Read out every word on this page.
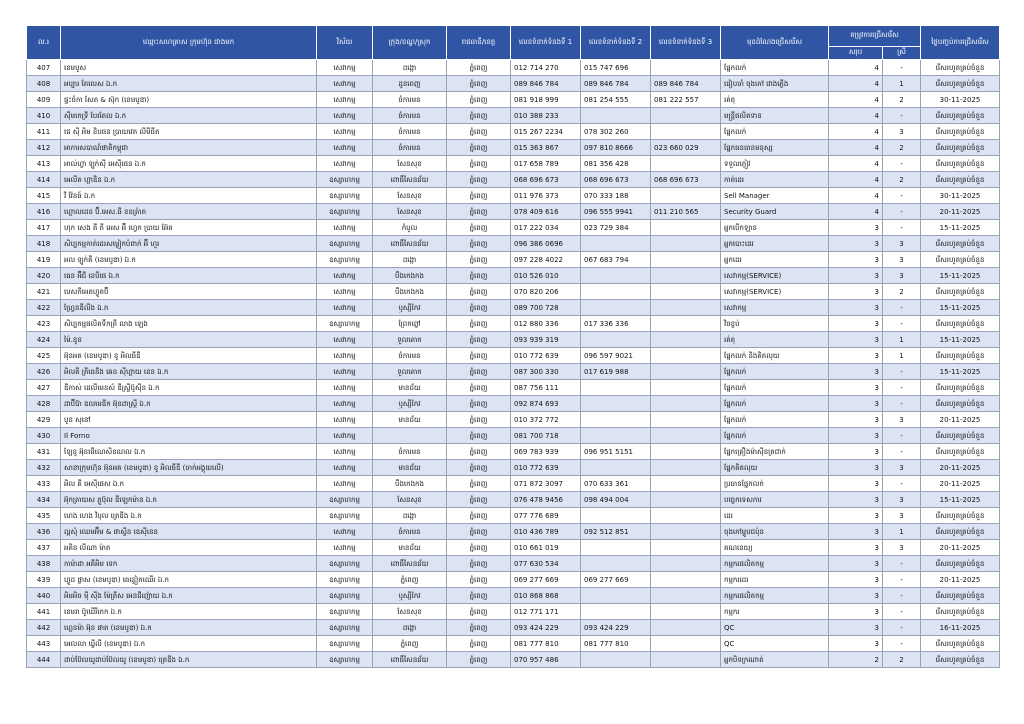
ល.រ	ឈ្មោះសហគ្រាស ក្រុមហ៊ុន ជាងមក	វិស័យ	ក្រុង/ខណ្ឌ/ស្រុក	រាជធានី/ខេត្ត	លេខទំនាក់ទំនងទី 1	លេខទំនាក់ទំនងទី 2	លេខទំនាក់ទំនងទី 3	មុខដំណែងជ្រើសរើស	តម្រូវការជ្រើសរើស		ថ្ងៃបញ្ចប់ការជ្រើសរើស
									សរុប	ស្រី	
407	ខេមបូស	សេវាកម្ម	ដង្កោ	ភ្នំពេញ	012 714 270	015 747 696		ផ្នែកលក់	4	-	រើសរហូតគ្រប់ចំនួន
408	អប្បារ តែលេស ឯ.ក	សេវាកម្ម	ដូនពេញ	ភ្នំពេញ	089 846 784	089 846 784	089 846 784	ជៀបចាំ ចុងភៅ ជាងភ្លើង	4	1	រើសរហូតគ្រប់ចំនួន
409	ផ្ទះចំកា សែត & ស៊ុក (ខេមបូឌា)	សេវាកម្ម	ចំការមន	ភ្នំពេញ	081 918 999	081 254 555	081 222 557	រត់តុ	4	2	30-11-2025
410	ស៊ីមកេទ្រី បែរតែល ឯ.ក	សេវាកម្ម	ចំការមន	ភ្នំពេញ	010 388 233			មន្ត្រីផលិតទាន	4	-	រើសរហូតគ្រប់ចំនួន
411	ជេ ស៊ី អិម ខិបផន ប្រាយវេត លីមីធីត	សេវាកម្ម	ចំការមន	ភ្នំពេញ	015 267 2234	078 302 260		ផ្នែកលក់	4	3	រើសរហូតគ្រប់ចំនួន
412	អាការសបាណ៍ផាតិកម្ពុជា	សេវាកម្ម	ចំការមន	ភ្នំពេញ	015 363 867	097 810 8666	023 660 029	ផ្នែកធនធានមនុស្ស	4	2	រើសរហូតគ្រប់ចំនួន
413	អាល់ហ្វា ឡូក់ស៊ី អេស៊ីផេន ឯ.ក	សេវាកម្ម	សែនសុខ	ភ្នំពេញ	017 658 789	081 356 428		ទទួលភ្ញៀវ	4	-	រើសរហូតគ្រប់ចំនួន
414	អេលីត ហ្គាឌិន ឯ.ក	ឧស្សាហកម្ម	ពោធិ៍សែនជ័យ	ភ្នំពេញ	068 696 673	068 696 673	068 696 673	កាត់ដេរ	4	2	រើសរហូតគ្រប់ចំនួន
415	វី វ៉ែនធ៍ ឯ.ក	ឧស្សាហកម្ម	សែនសុខ	ភ្នំពេញ	011 976 373	070 333 188		Sell Manager	4	-	30-11-2025
416	ហ្គោលដេន ប៊ី.អេស.ធី ខនត្រ៉ាត	ឧស្សាហកម្ម	សែនសុខ	ភ្នំពេញ	078 409 616	096 555 9941	011 210 565	Security Guard	4	-	20-11-2025
417	ហុក សេង គី ភី អេស អ៊ី ហ្វេក ប្រាយ អ៊ែត	សេវាកម្ម	កំបូល	ភ្នំពេញ	017 222 034	023 729 384		អ្នកបើកឡាន	3	-	15-11-2025
418	សិប្បកម្មកាត់ដេរសម្លៀកបំពាក់ អ៊ី ហួរ	ឧស្សាហកម្ម	ពោធិ៍សែនជ័យ	ភ្នំពេញ	096 386 0696			អ្នកបោះដេរ	3	3	រើសរហូតគ្រប់ចំនួន
419	អល ឡូក់គី (ខេមបូឌា) ឯ.ក	ឧស្សាហកម្ម	ដង្កោ	ភ្នំពេញ	097 228 4022	067 683 794		អ្នកដេរ	3	3	រើសរហូតគ្រប់ចំនួន
420	ធេន អ៊ីជី ខេបីផេ ឯ.ក	សេវាកម្ម	បឹងកេងកង	ភ្នំពេញ	010 526 010			សេវាកម្ម(SERVICE)	3	3	15-11-2025
421	បេសកីអេតហ្វូតប៊ី	សេវាកម្ម	បឹងកេងកង	ភ្នំពេញ	070 820 206			សេវាកម្ម(SERVICE)	3	2	រើសរហូតគ្រប់ចំនួន
422	ហ្វ្រែនឌីលីង ឯ.ក	សេវាកម្ម	ឫស្សីកែវ	ភ្នំពេញ	089 700 728			សេវាកម្ម	3	-	15-11-2025
423	សិប្បកម្មផលិតទឹកត្រី លាង ឡេង	ឧស្សាហកម្ម	ព្រែកព្នៅ	ភ្នំពេញ	012 880 336	017 336 336		វិចខ្ចប់	3	-	រើសរហូតគ្រប់ចំនួន
424	ម៉ៃ.នូន	សេវាកម្ម	ទួលគោក	ភ្នំពេញ	093 939 319			រត់តុ	3	1	15-11-2025
425	អ៊ុនអគ (ខេមបូឌា) ខូ អិលធីឌី	សេវាកម្ម	ចំការមន	ភ្នំពេញ	010 772 639	096 597 9021		ផ្នែកលក់ និងគិតលុយ	3	1	រើសរហូតគ្រប់ចំនួន
426	អិលគី ត្រីធេនីង ឆេន ស៊ីហ្គាយ ខេន ឯ.ក	សេវាកម្ម	ទួលគោក	ភ្នំពេញ	087 300 330	017 619 988		ផ្នែកលក់	3	-	15-11-2025
427	ឌីកាស់ ដេលីមេនស៍ ឌីស្ទ្រីប៊ូស៊ីន ឯ.ក	សេវាកម្ម	មានជ័យ	ភ្នំពេញ	087 756 111			ផ្នែកលក់	3	-	រើសរហូតគ្រប់ចំនួន
428	ដាប៊ីប៊ា ឌលមេឌីក អ៊ុនដាស្រ្តី ឯ.ក	សេវាកម្ម	ឫស្សីកែវ	ភ្នំពេញ	092 874 693			ផ្នែកលក់	3	-	រើសរហូតគ្រប់ចំនួន
429	បូន សុនៅ	សេវាកម្ម	មានជ័យ	ភ្នំពេញ	010 372 772			ផ្នែកលក់	3	3	20-11-2025
430	Il Forno	សេវាកម្ម		ភ្នំពេញ	081 700 718			ផ្នែកលក់	3	-	រើសរហូតគ្រប់ចំនួន
431	ឡែនូ អ៊ុនធើណេសិនណល ឯ.ក	សេវាកម្ម	ចំការមន	ភ្នំពេញ	069 783 939	096 951 5151		ផ្នែកគ្រឿងម៉ាស៊ីនត្រជាក់	3	-	រើសរហូតគ្រប់ចំនួន
432	សាខាក្រុមហ៊ុន អ៊ុនអគ (ខេមបូឌា) ខូ អិលធីឌី (ចាក់អង្គុយលើ)	សេវាកម្ម	មានជ័យ	ភ្នំពេញ	010 772 639			ផ្នែកគិតលុយ	3	3	20-11-2025
433	អិល គី អេស៊ីផេស ឯ.ក	សេវាកម្ម	បឹងកេងកង	ភ្នំពេញ	071 872 3097	070 633 361		ប្រធានផ្នែកលក់	3	-	20-11-2025
434	អ៊ុកត្រាយស ភ្លូប៊ុល ឌីឡេកម៉ាន ឯ.ក	ឧស្សាហកម្ម	សែនសុខ	ភ្នំពេញ	076 478 9456	098 494 004		បច្ចេកទេសការ	3	3	15-11-2025
435	ហេង ហេង វិបុល ត្រេឌីង ឯ.ក	ឧស្សាហកម្ម	ដង្កោ	ភ្នំពេញ	077 776 689			ដេរ	3	3	រើសរហូតគ្រប់ចំនួន
436	ល្អសុំ ឈេមអ៊ឹម & ផាស្ទីន ឌេស៊ីនេន	សេវាកម្ម	ចំការមន	ភ្នំពេញ	010 436 789	092 512 851		ចុងភៅម្ហូបជប៉ុន	3	1	រើសរហូតគ្រប់ចំនួន
437	អគិន លីណា ម៉ាត	សេវាកម្ម	មានជ័យ	ភ្នំពេញ	010 661 019			គណនេយ្យ	3	3	20-11-2025
438	កាម៉ាដា អគីអិម ទេក	ឧស្សាហកម្ម	ពោធិ៍សែនជ័យ	ភ្នំពេញ	077 630 534			កម្មករផលិតកម្ម	3	-	រើសរហូតគ្រប់ចំនួន
439	ហ្វូដ ផ្លាស (ខេមបូឌា) ឆេន្ទៀកឈើរ ឯ.ក	ឧស្សាហកម្ម	ភ្នំពេញ	ភ្នំពេញ	069 277 669	069 277 669		កម្មករដេរ	3	-	20-11-2025
440	អិមអិច ម៉ី ស៊ីង ម៉ែត្រីស អេនជីញ៉ោយ ឯ.ក	ឧស្សាហកម្ម	ឫស្សីកែវ	ភ្នំពេញ	010 868 868			កម្មករផលិតកម្ម	3	-	រើសរហូតគ្រប់ចំនួន
441	ខេមរា ប៊ូឃើរីកេក ឯ.ក	ឧស្សាហកម្ម	សែនសុខ	ភ្នំពេញ	012 771 171			កម្មករ	3	-	រើសរហូតគ្រប់ចំនួន
442	ហ្គេនម៉ា អ៊ុន ផាត (ខេមបូឌា) ឯ.ក	ឧស្សាហកម្ម	ដង្កោ	ភ្នំពេញ	093 424 229	093 424 229		QC	3	-	16-11-2025
443	អេលលា ឃ្វីលី (ខេមបូឌា) ឯ.ក	ឧស្សាហកម្ម	ភ្នំពេញ	ភ្នំពេញ	081 777 810	081 777 810		QC	3	-	រើសរហូតគ្រប់ចំនួន
444	ដាប់ប៊ែលយូដាប់ប៊ែលយូ (ខេមបូឌា) ត្រេឌីង ឯ.ក	ឧស្សាហកម្ម	ពោធិ៍សែនជ័យ	ភ្នំពេញ	070 957 486			អ្នកបិទក្រណាត់	2	2	រើសរហូតគ្រប់ចំនួន
